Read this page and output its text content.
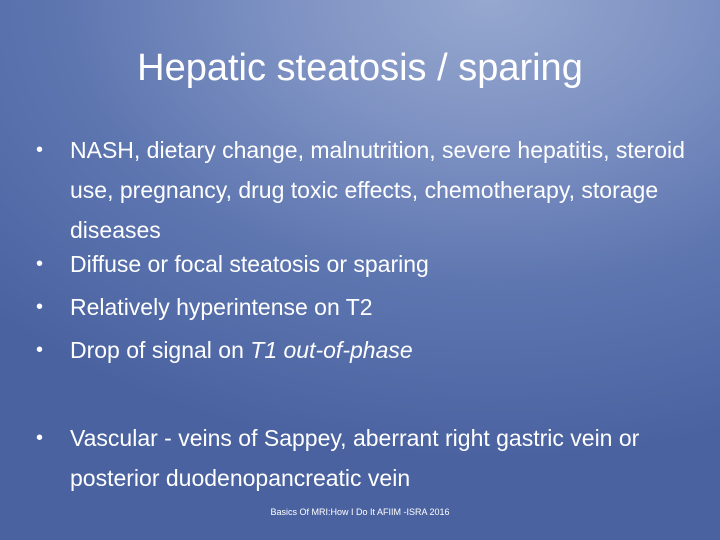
Hepatic steatosis / sparing
•	NASH, dietary change, malnutrition, severe hepatitis, steroid use, pregnancy, drug toxic effects, chemotherapy, storage diseases
•	Diffuse or focal steatosis or sparing
•	Relatively hyperintense on T2
•	Drop of signal on T1 out-of-phase
•	Vascular - veins of Sappey, aberrant right gastric vein or posterior duodenopancreatic vein
Basics Of MRI:How I Do It AFIIM -ISRA 2016
